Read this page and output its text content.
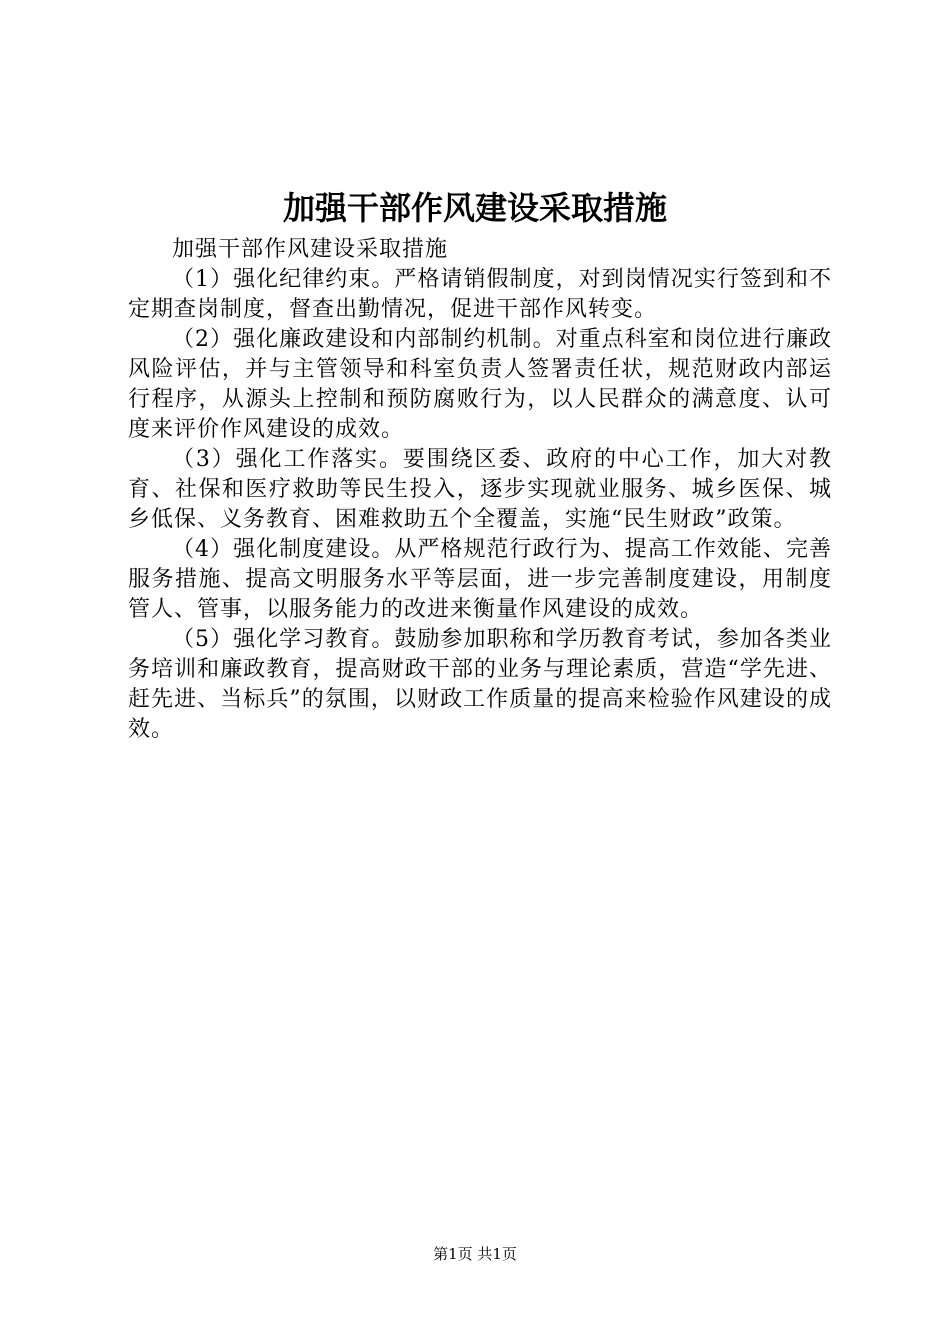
加强干部作风建设采取措施

加强干部作风建设采取措施

（1）强化纪律约束。严格请销假制度，对到岗情况实行签到和不定期查岗制度，督查出勤情况，促进干部作风转变。

（2）强化廉政建设和内部制约机制。对重点科室和岗位进行廉政风险评估，并与主管领导和科室负责人签署责任状，规范财政内部运行程序，从源头上控制和预防腐败行为，以人民群众的满意度、认可度来评价作风建设的成效。

（3）强化工作落实。要围绕区委、政府的中心工作，加大对教育、社保和医疗救助等民生投入，逐步实现就业服务、城乡医保、城乡低保、义务教育、困难救助五个全覆盖，实施“民生财政”政策。

（4）强化制度建设。从严格规范行政行为、提高工作效能、完善服务措施、提高文明服务水平等层面，进一步完善制度建设，用制度管人、管事，以服务能力的改进来衡量作风建设的成效。

（5）强化学习教育。鼓励参加职称和学历教育考试，参加各类业务培训和廉政教育，提高财政干部的业务与理论素质，营造“学先进、赶先进、当标兵”的氛围，以财政工作质量的提高来检验作风建设的成效。

第1页 共1页
